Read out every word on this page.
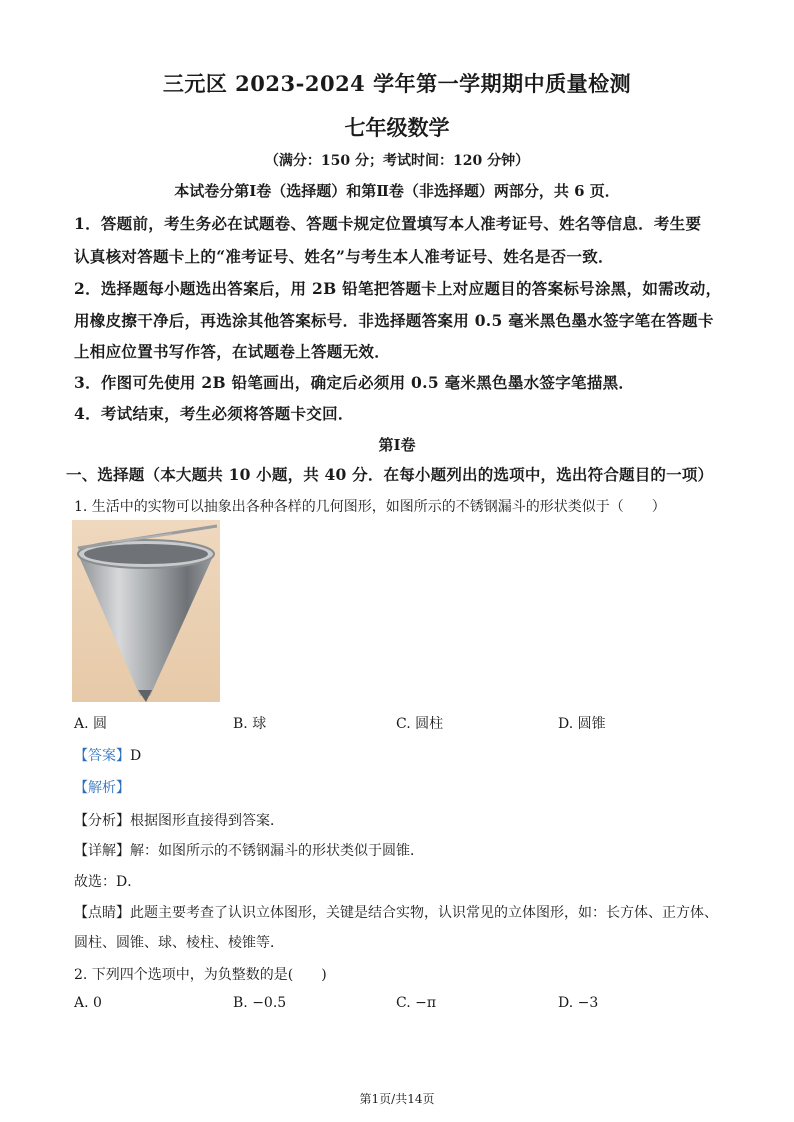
三元区 2023-2024 学年第一学期期中质量检测
七年级数学
（满分：150 分；考试时间：120 分钟）
本试卷分第Ⅰ卷（选择题）和第Ⅱ卷（非选择题）两部分，共 6 页．
1．答题前，考生务必在试题卷、答题卡规定位置填写本人准考证号、姓名等信息．考生要
认真核对答题卡上的“准考证号、姓名”与考生本人准考证号、姓名是否一致．
2．选择题每小题选出答案后，用 2B 铅笔把答题卡上对应题目的答案标号涂黑，如需改动，
用橡皮擦干净后，再选涂其他答案标号．非选择题答案用 0.5 毫米黑色墨水签字笔在答题卡
上相应位置书写作答，在试题卷上答题无效．
3．作图可先使用 2B 铅笔画出，确定后必须用 0.5 毫米黑色墨水签字笔描黑．
4．考试结束，考生必须将答题卡交回．
第Ⅰ卷
一、选择题（本大题共 10 小题，共 40 分．在每小题列出的选项中，选出符合题目的一项）
1. 生活中的实物可以抽象出各种各样的几何图形，如图所示的不锈钢漏斗的形状类似于（　　）
A. 圆	B. 球	C. 圆柱	D. 圆锥
【答案】D
【解析】
【分析】根据图形直接得到答案．
【详解】解：如图所示的不锈钢漏斗的形状类似于圆锥．
故选：D．
【点睛】此题主要考查了认识立体图形，关键是结合实物，认识常见的立体图形，如：长方体、正方体、
圆柱、圆锥、球、棱柱、棱锥等．
2. 下列四个选项中，为负整数的是(　　)
A. 0	B. −0.5	C. −π	D. −3
第1页/共14页
